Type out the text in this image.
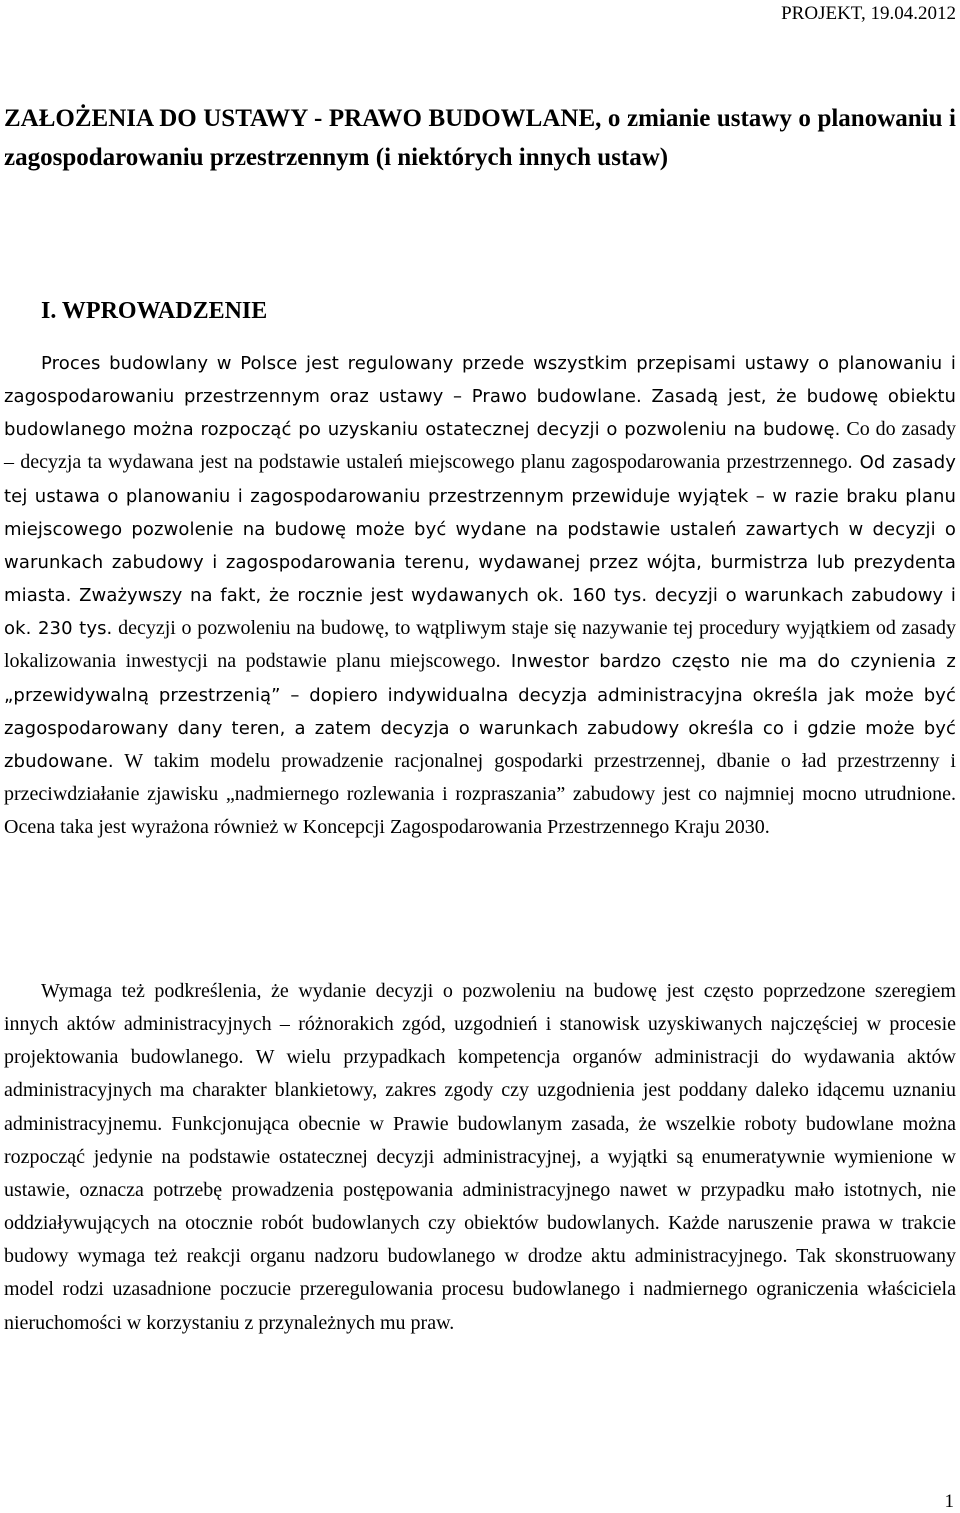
PROJEKT, 19.04.2012
ZAŁOŻENIA DO USTAWY - PRAWO BUDOWLANE, o zmianie ustawy o planowaniu i zagospodarowaniu przestrzennym (i niektórych innych ustaw)
I. WPROWADZENIE

Proces budowlany w Polsce jest regulowany przede wszystkim przepisami ustawy o planowaniu i zagospodarowaniu przestrzennym oraz ustawy – Prawo budowlane. Zasadą jest, że budowę obiektu budowlanego można rozpocząć po uzyskaniu ostatecznej decyzji o pozwoleniu na budowę. Co do zasady – decyzja ta wydawana jest na podstawie ustaleń miejscowego planu zagospodarowania przestrzennego. Od zasady tej ustawa o planowaniu i zagospodarowaniu przestrzennym przewiduje wyjątek – w razie braku planu miejscowego pozwolenie na budowę może być wydane na podstawie ustaleń zawartych w decyzji o warunkach zabudowy i zagospodarowania terenu, wydawanej przez wójta, burmistrza lub prezydenta miasta. Zważywszy na fakt, że rocznie jest wydawanych ok. 160 tys. decyzji o warunkach zabudowy i ok. 230 tys. decyzji o pozwoleniu na budowę, to wątpliwym staje się nazywanie tej procedury wyjątkiem od zasady lokalizowania inwestycji na podstawie planu miejscowego. Inwestor bardzo często nie ma do czynienia z „przewidywalną przestrzenią” – dopiero indywidualna decyzja administracyjna określa jak może być zagospodarowany dany teren, a zatem decyzja o warunkach zabudowy określa co i gdzie może być zbudowane. W takim modelu prowadzenie racjonalnej gospodarki przestrzennej, dbanie o ład przestrzenny i przeciwdziałanie zjawisku „nadmiernego rozlewania i rozpraszania” zabudowy jest co najmniej mocno utrudnione. Ocena taka jest wyrażona również w Koncepcji Zagospodarowania Przestrzennego Kraju 2030.

Wymaga też podkreślenia, że wydanie decyzji o pozwoleniu na budowę jest często poprzedzone szeregiem innych aktów administracyjnych – różnorakich zgód, uzgodnień i stanowisk uzyskiwanych najczęściej w procesie projektowania budowlanego. W wielu przypadkach kompetencja organów administracji do wydawania aktów administracyjnych ma charakter blankietowy, zakres zgody czy uzgodnienia jest poddany daleko idącemu uznaniu administracyjnemu. Funkcjonująca obecnie w Prawie budowlanym zasada, że wszelkie roboty budowlane można rozpocząć jedynie na podstawie ostatecznej decyzji administracyjnej, a wyjątki są enumeratywnie wymienione w ustawie, oznacza potrzebę prowadzenia postępowania administracyjnego nawet w przypadku mało istotnych, nie oddziaływujących na otocznie robót budowlanych czy obiektów budowlanych. Każde naruszenie prawa w trakcie budowy wymaga też reakcji organu nadzoru budowlanego w drodze aktu administracyjnego. Tak skonstruowany model rodzi uzasadnione poczucie przeregulowania procesu budowlanego i nadmiernego ograniczenia właściciela nieruchomości w korzystaniu z przynależnych mu praw.

1
